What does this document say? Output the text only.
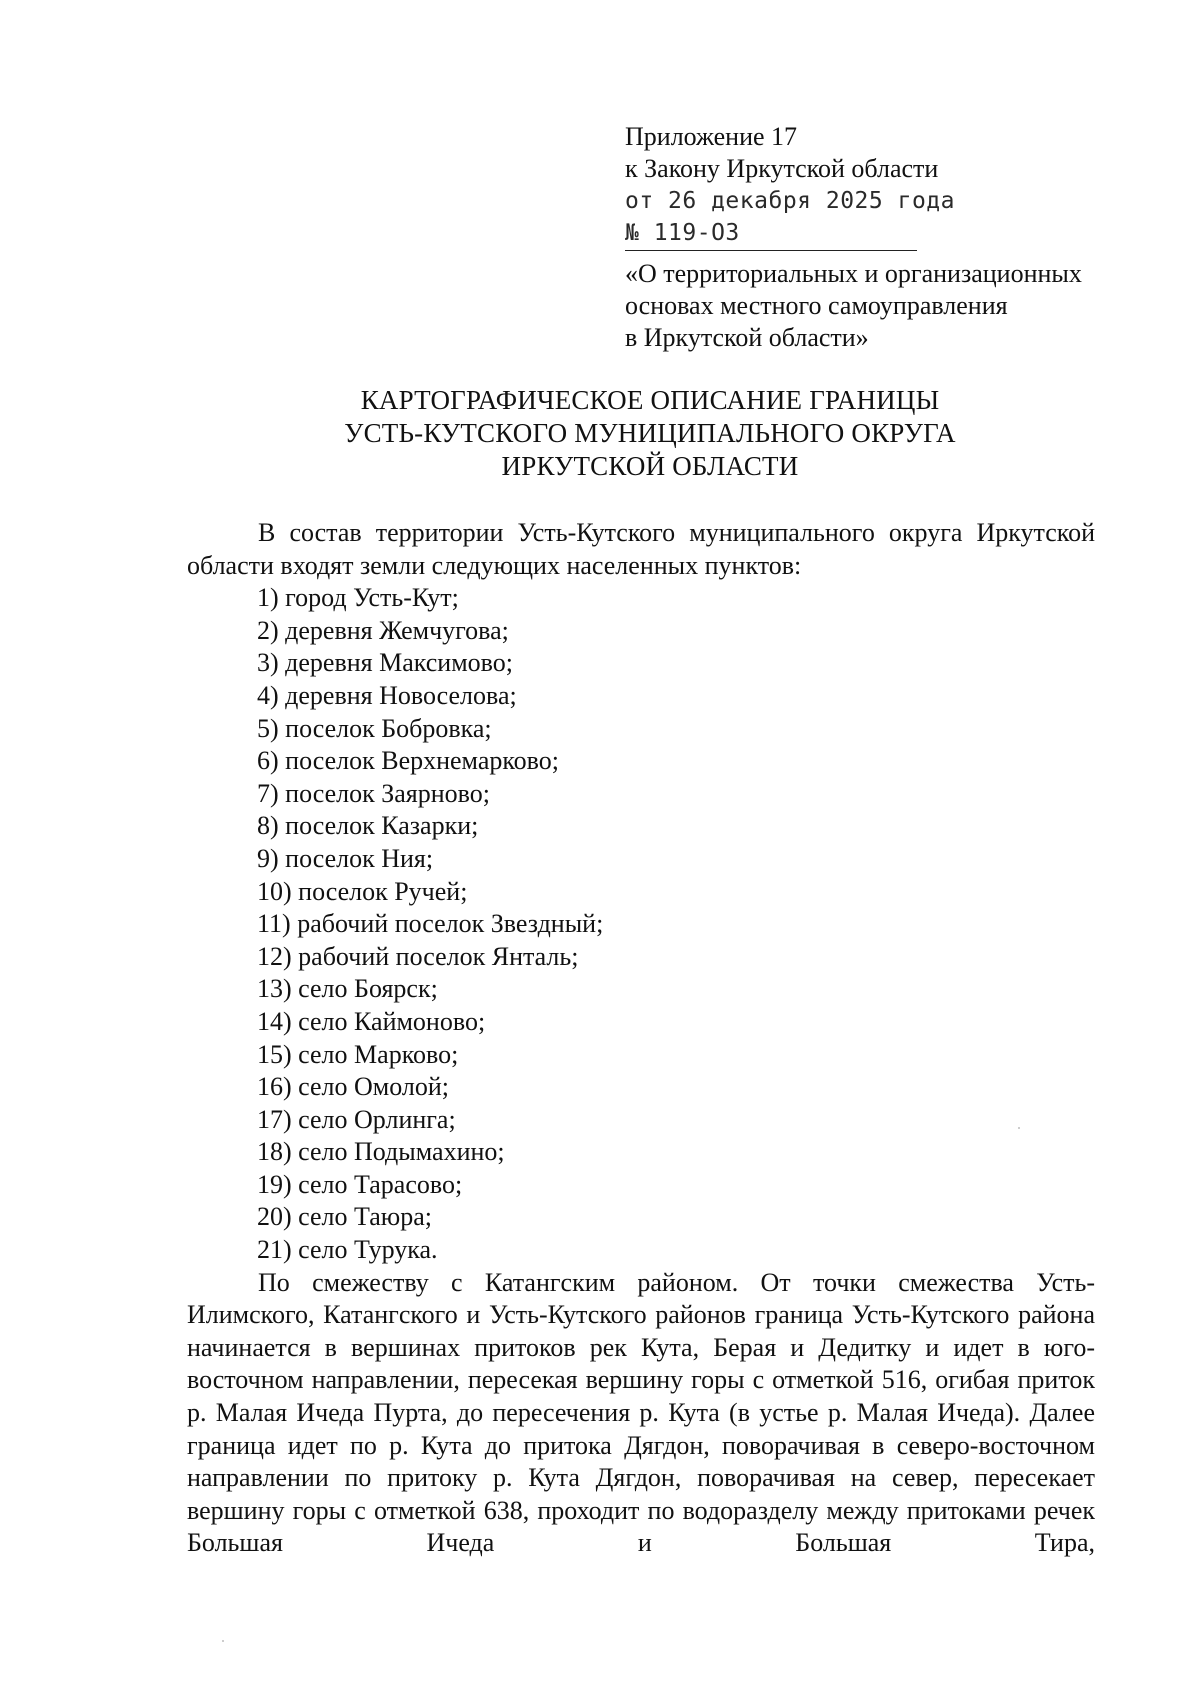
Приложение 17
к Закону Иркутской области
от 26 декабря 2025 года
№ 119-ОЗ
«О территориальных и организационных
основах местного самоуправления
в Иркутской области»
КАРТОГРАФИЧЕСКОЕ ОПИСАНИЕ ГРАНИЦЫ
УСТЬ-КУТСКОГО МУНИЦИПАЛЬНОГО ОКРУГА
ИРКУТСКОЙ ОБЛАСТИ

В состав территории Усть-Кутского муниципального округа Иркутской области входят земли следующих населенных пунктов:

1) город Усть-Кут;
2) деревня Жемчугова;
3) деревня Максимово;
4) деревня Новоселова;
5) поселок Бобровка;
6) поселок Верхнемарково;
7) поселок Заярново;
8) поселок Казарки;
9) поселок Ния;
10) поселок Ручей;
11) рабочий поселок Звездный;
12) рабочий поселок Янталь;
13) село Боярск;
14) село Каймоново;
15) село Марково;
16) село Омолой;
17) село Орлинга;
18) село Подымахино;
19) село Тарасово;
20) село Таюра;
21) село Турука.

По смежеству с Катангским районом. От точки смежества Усть-Илимского, Катангского и Усть-Кутского районов граница Усть-Кутского района начинается в вершинах притоков рек Кута, Берая и Дедитку и идет в юго-восточном направлении, пересекая вершину горы с отметкой 516, огибая приток р. Малая Ичеда Пурта, до пересечения р. Кута (в устье р. Малая Ичеда). Далее граница идет по р. Кута до притока Дягдон, поворачивая в северо-восточном направлении по притоку р. Кута Дягдон, поворачивая на север, пересекает вершину горы с отметкой 638, проходит по водоразделу между притоками речек Большая Ичеда и Большая Тира,
